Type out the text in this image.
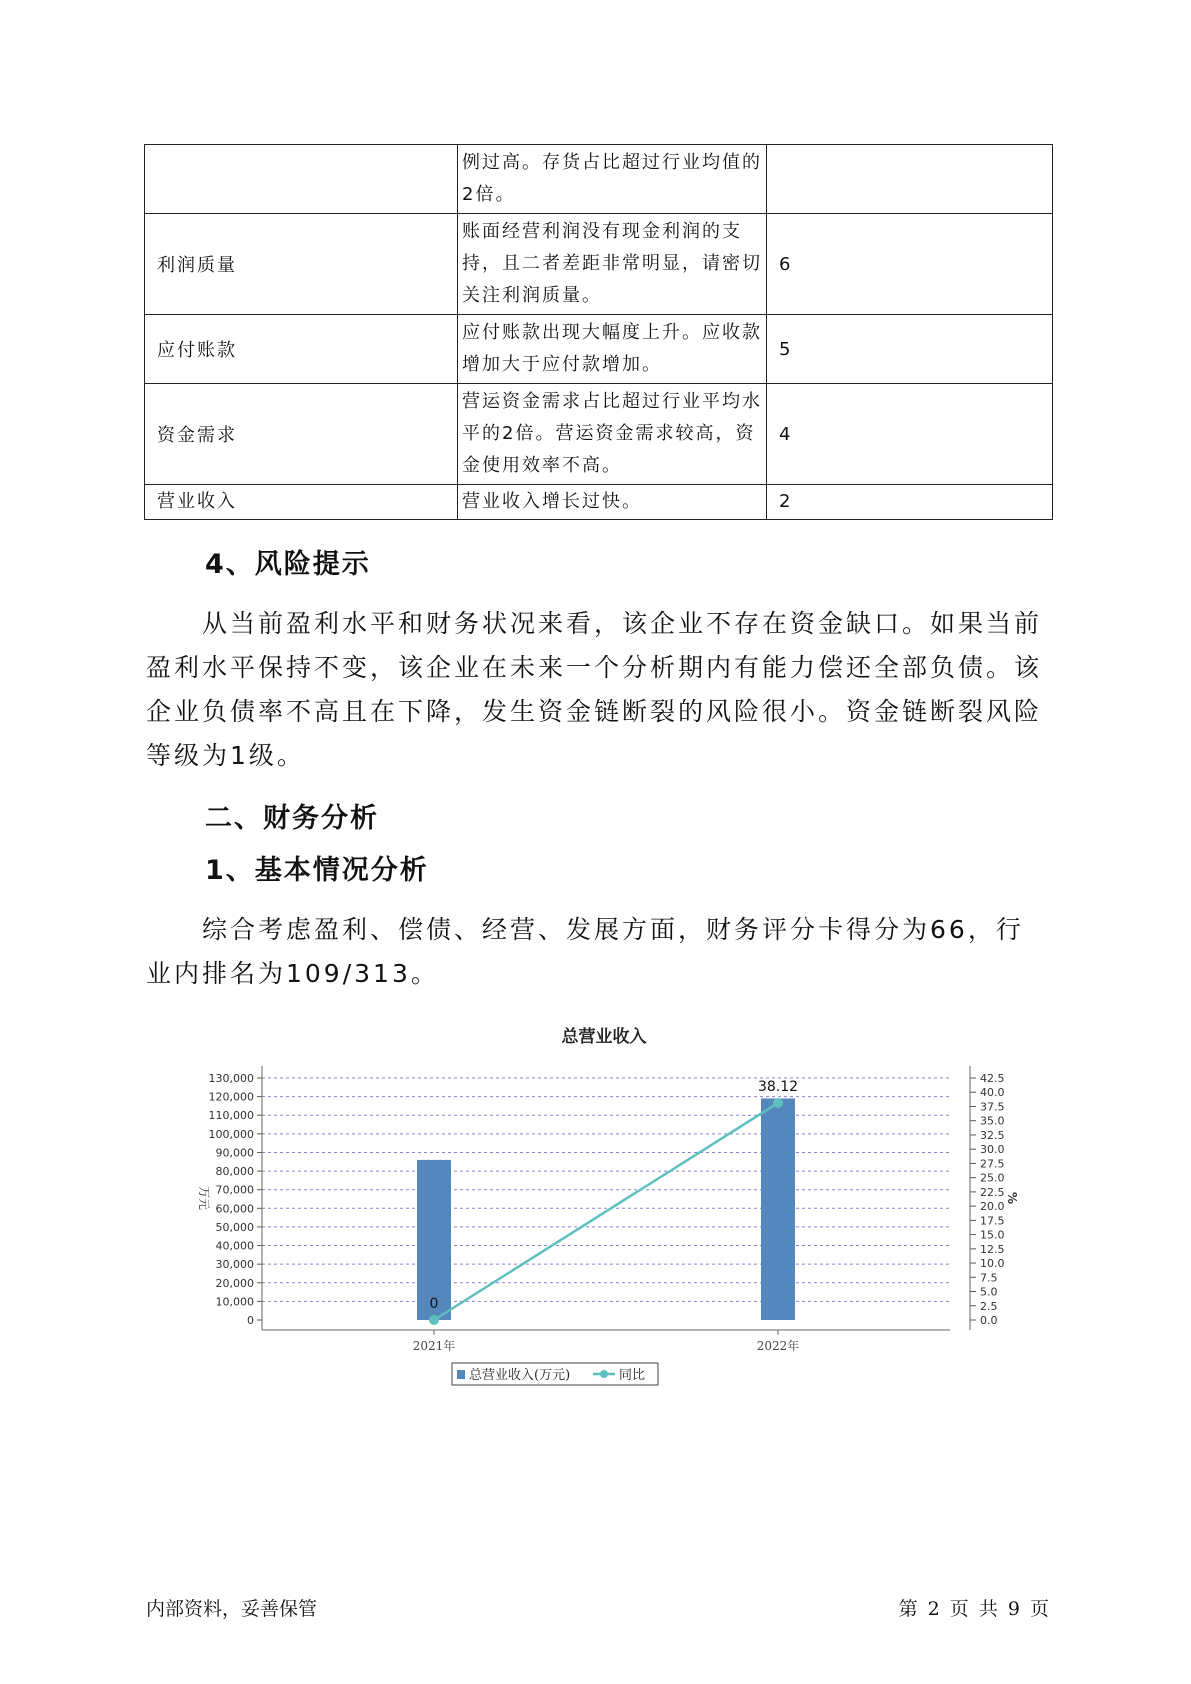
	例过高。存货占比超过行业均值的2倍。	
利润质量	账面经营利润没有现金利润的支持，且二者差距非常明显，请密切关注利润质量。	6
应付账款	应付账款出现大幅度上升。应收款增加大于应付款增加。	5
资金需求	营运资金需求占比超过行业平均水平的2倍。营运资金需求较高，资金使用效率不高。	4
营业收入	营业收入增长过快。	2
4、风险提示

从当前盈利水平和财务状况来看，该企业不存在资金缺口。如果当前盈利水平保持不变，该企业在未来一个分析期内有能力偿还全部负债。该企业负债率不高且在下降，发生资金链断裂的风险很小。资金链断裂风险等级为1级。

二、财务分析
1、基本情况分析

综合考虑盈利、偿债、经营、发展方面，财务评分卡得分为66，行业内排名为109/313。

总营业收入
0
10,000
20,000
30,000
40,000
50,000
60,000
70,000
80,000
90,000
100,000
110,000
120,000
130,000
0.0
2.5
5.0
7.5
10.0
12.5
15.0
17.5
20.0
22.5
25.0
27.5
30.0
32.5
35.0
37.5
40.0
42.5
万元	%
2021年	2022年
0
38.12
总营业收入(万元)	同比
内部资料，妥善保管	第 2 页 共 9 页
